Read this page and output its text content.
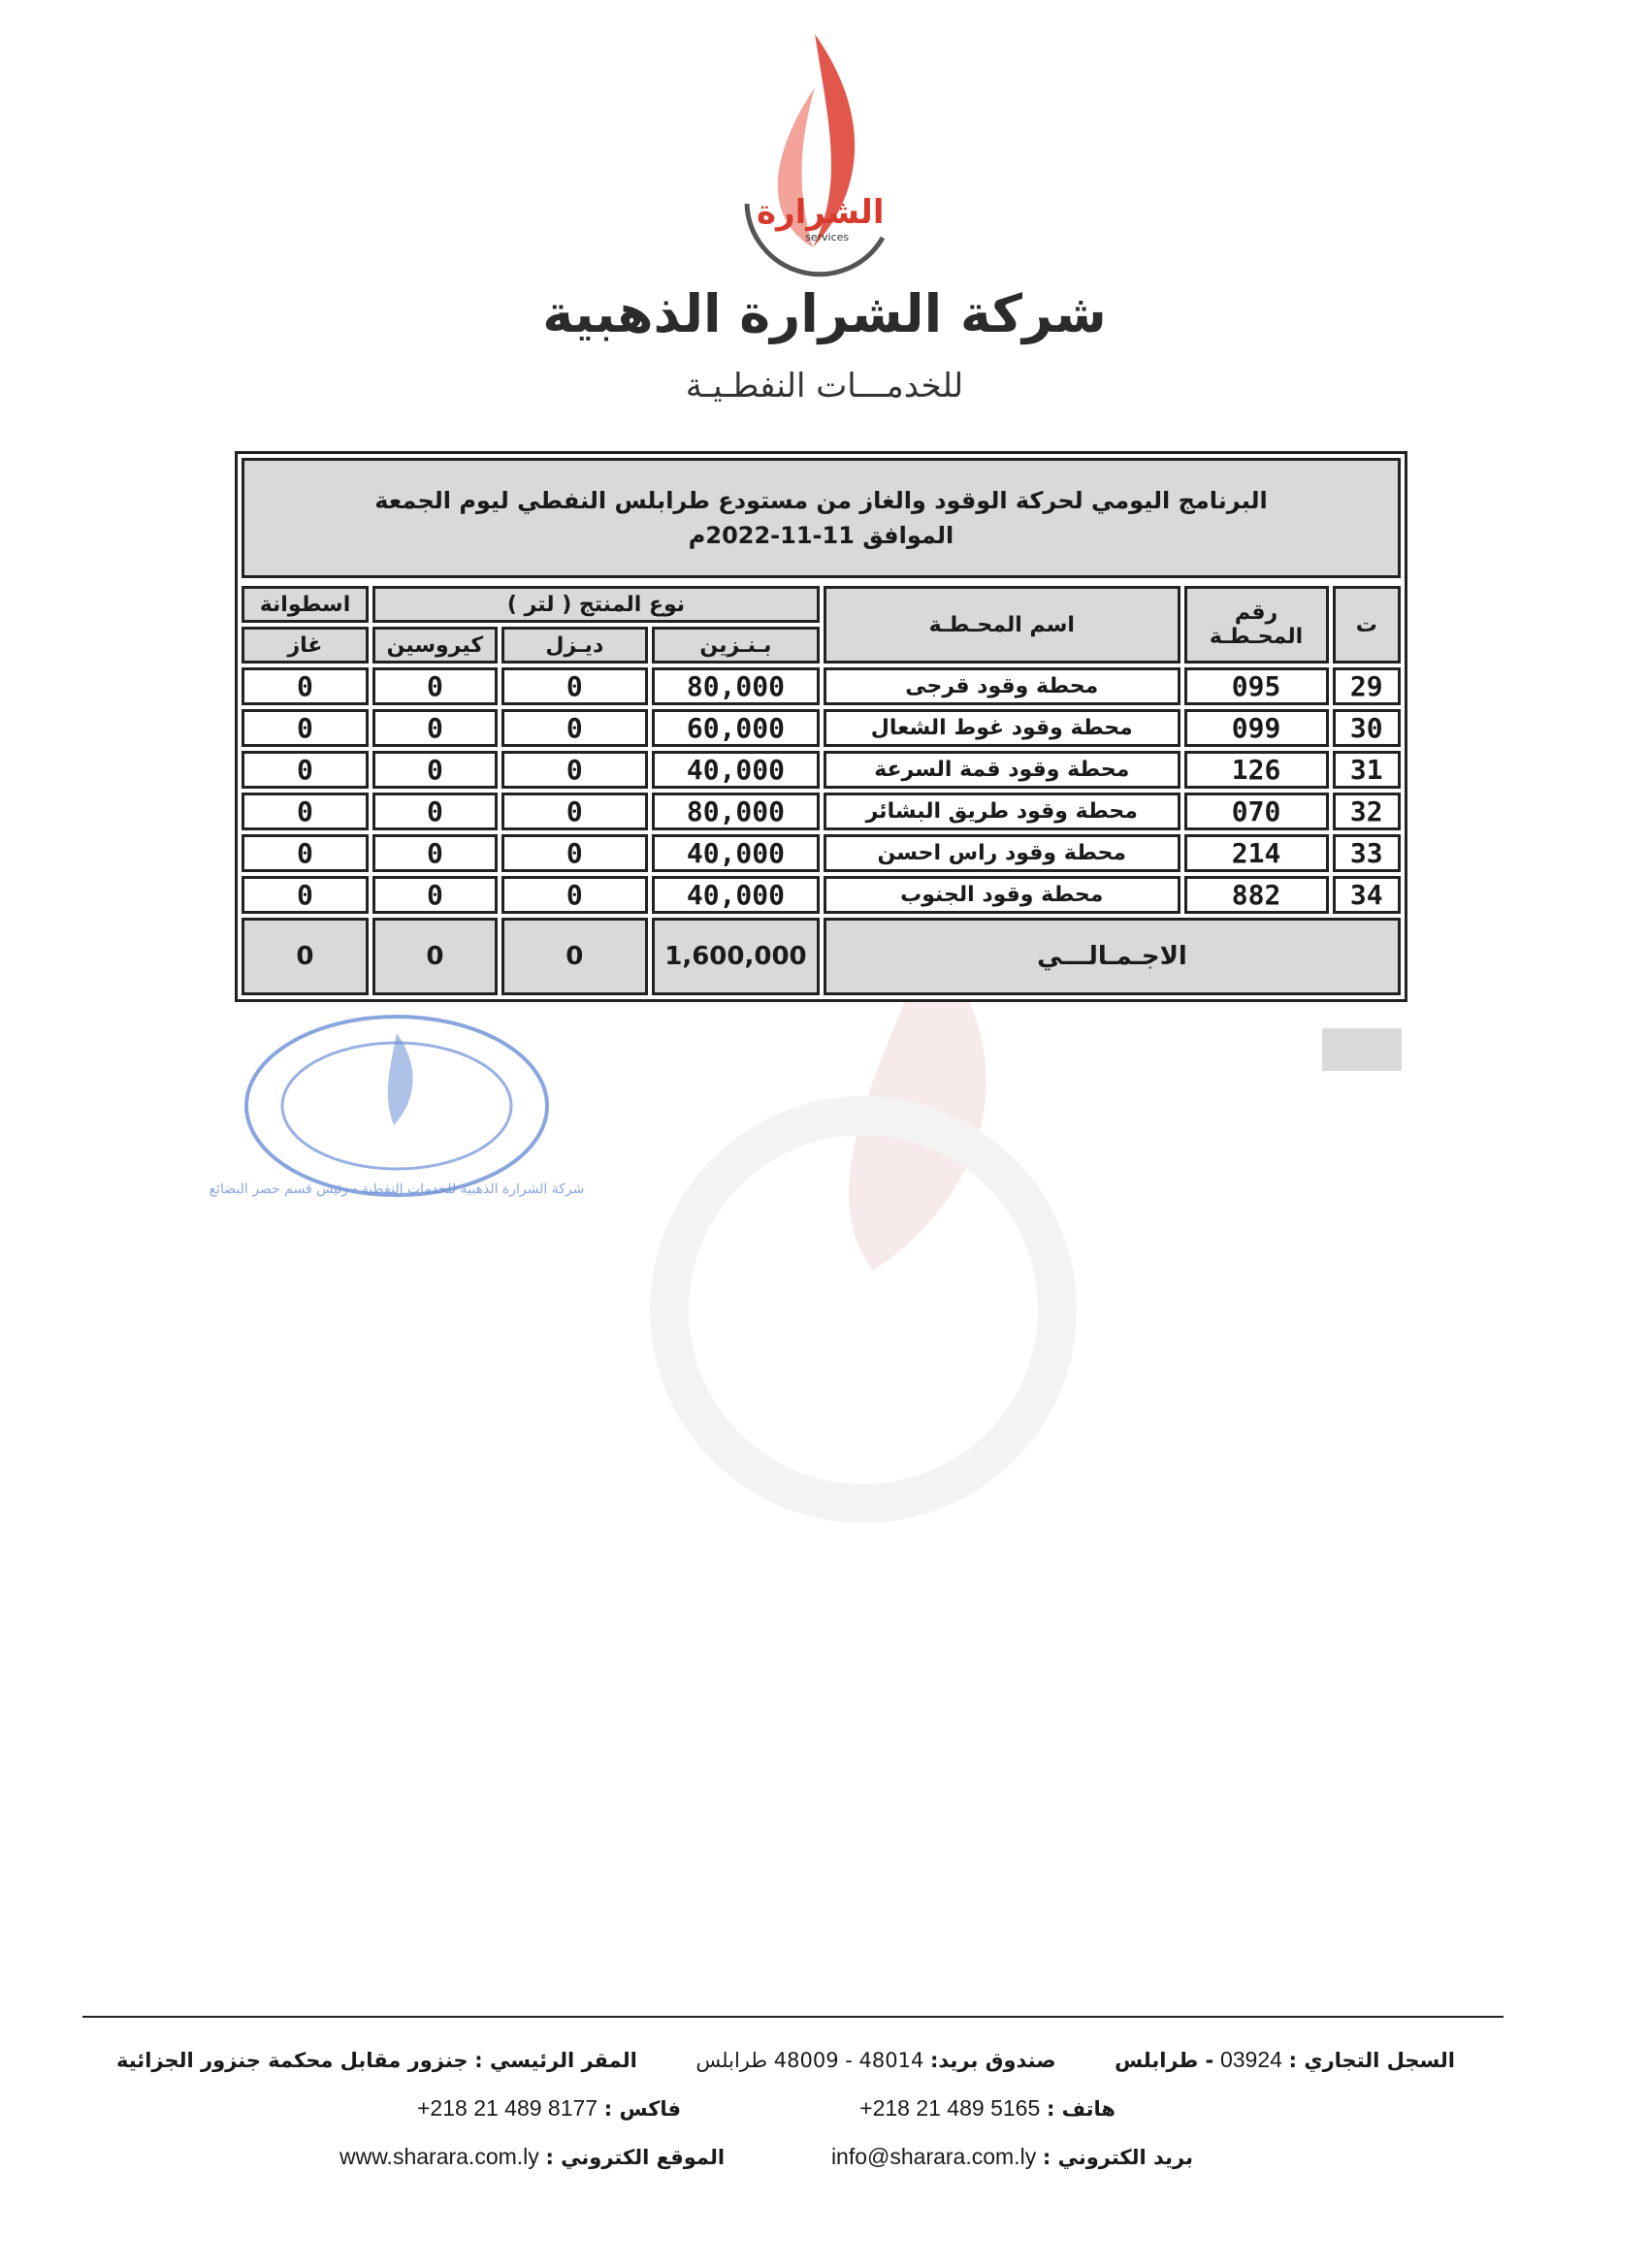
الشرارة
services
شركة الشرارة الذهبية
للخدمـــات النفطـيـة
البرنامج اليومي لحركة الوقود والغاز من مستودع طرابلس النفطي ليوم الجمعة
الموافق 11-11-2022م
ت	رقم المحـطـة	اسم المحـطـة	نوع المنتج ( لتر )			اسطوانة
			بـنـزين	ديـزل	كيروسين	غاز
29	095	محطة وقود قرجى	80,000	0	0	0
30	099	محطة وقود غوط الشعال	60,000	0	0	0
31	126	محطة وقود قمة السرعة	40,000	0	0	0
32	070	محطة وقود طريق البشائر	80,000	0	0	0
33	214	محطة وقود راس احسن	40,000	0	0	0
34	882	محطة وقود الجنوب	40,000	0	0	0
الاجـمـالـــي			1,600,000	0	0	0
شركة الشرارة الذهبية للخدمات النفطية - رئيس قسم حصر البضائع
السجل التجاري : 03924 - طرابلس
صندوق بريد: 48014 - 48009 طرابلس
المقر الرئيسي : جنزور مقابل محكمة جنزور الجزائية
هاتف : +218 21 489 5165
فاكس : +218 21 489 8177
بريد الكتروني : info@sharara.com.ly
الموقع الكتروني : www.sharara.com.ly
